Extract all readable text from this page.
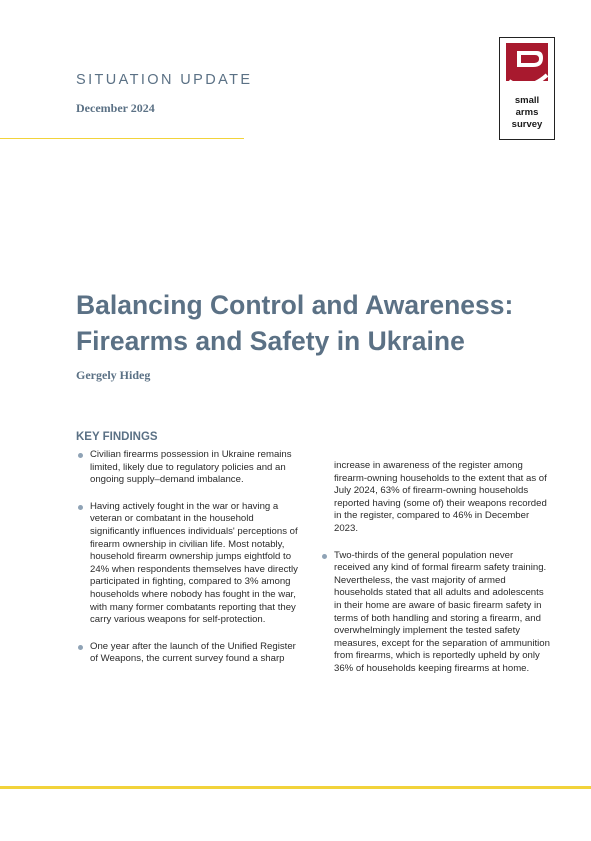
SITUATION UPDATE
December 2024
small
arms
survey
Balancing Control and Awareness:
Firearms and Safety in Ukraine
Gergely Hideg
KEY FINDINGS
Civilian firearms possession in Ukraine remains limited, likely due to regulatory policies and an ongoing supply–demand imbalance.
Having actively fought in the war or having a veteran or combatant in the household significantly influences individuals' perceptions of firearm ownership in civilian life. Most notably, household firearm ownership jumps eightfold to 24% when respondents themselves have directly participated in fighting, compared to 3% among households where nobody has fought in the war, with many former combatants reporting that they carry various weapons for self-protection.
One year after the launch of the Unified Register of Weapons, the current survey found a sharp
increase in awareness of the register among firearm-owning households to the extent that as of July 2024, 63% of firearm-owning households reported having (some of) their weapons recorded in the register, compared to 46% in December 2023.
Two-thirds of the general population never received any kind of formal firearm safety training. Nevertheless, the vast majority of armed households stated that all adults and adolescents in their home are aware of basic firearm safety in terms of both handling and storing a firearm, and overwhelmingly implement the tested safety measures, except for the separation of ammunition from firearms, which is reportedly upheld by only 36% of households keeping firearms at home.
